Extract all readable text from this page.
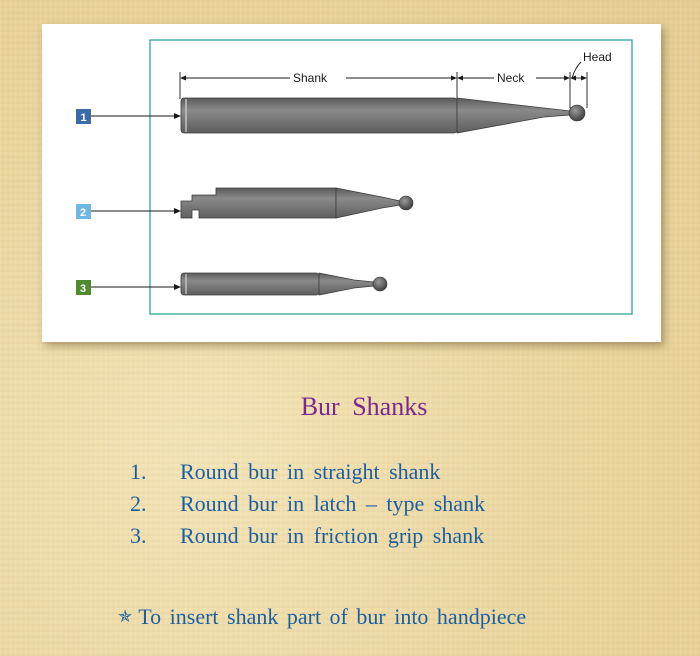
Shank	Neck
Head
1
2
3
Bur Shanks
1. Round bur in straight shank
2. Round bur in latch – type shank
3. Round bur in friction grip shank
✯ To insert shank part of bur into handpiece
